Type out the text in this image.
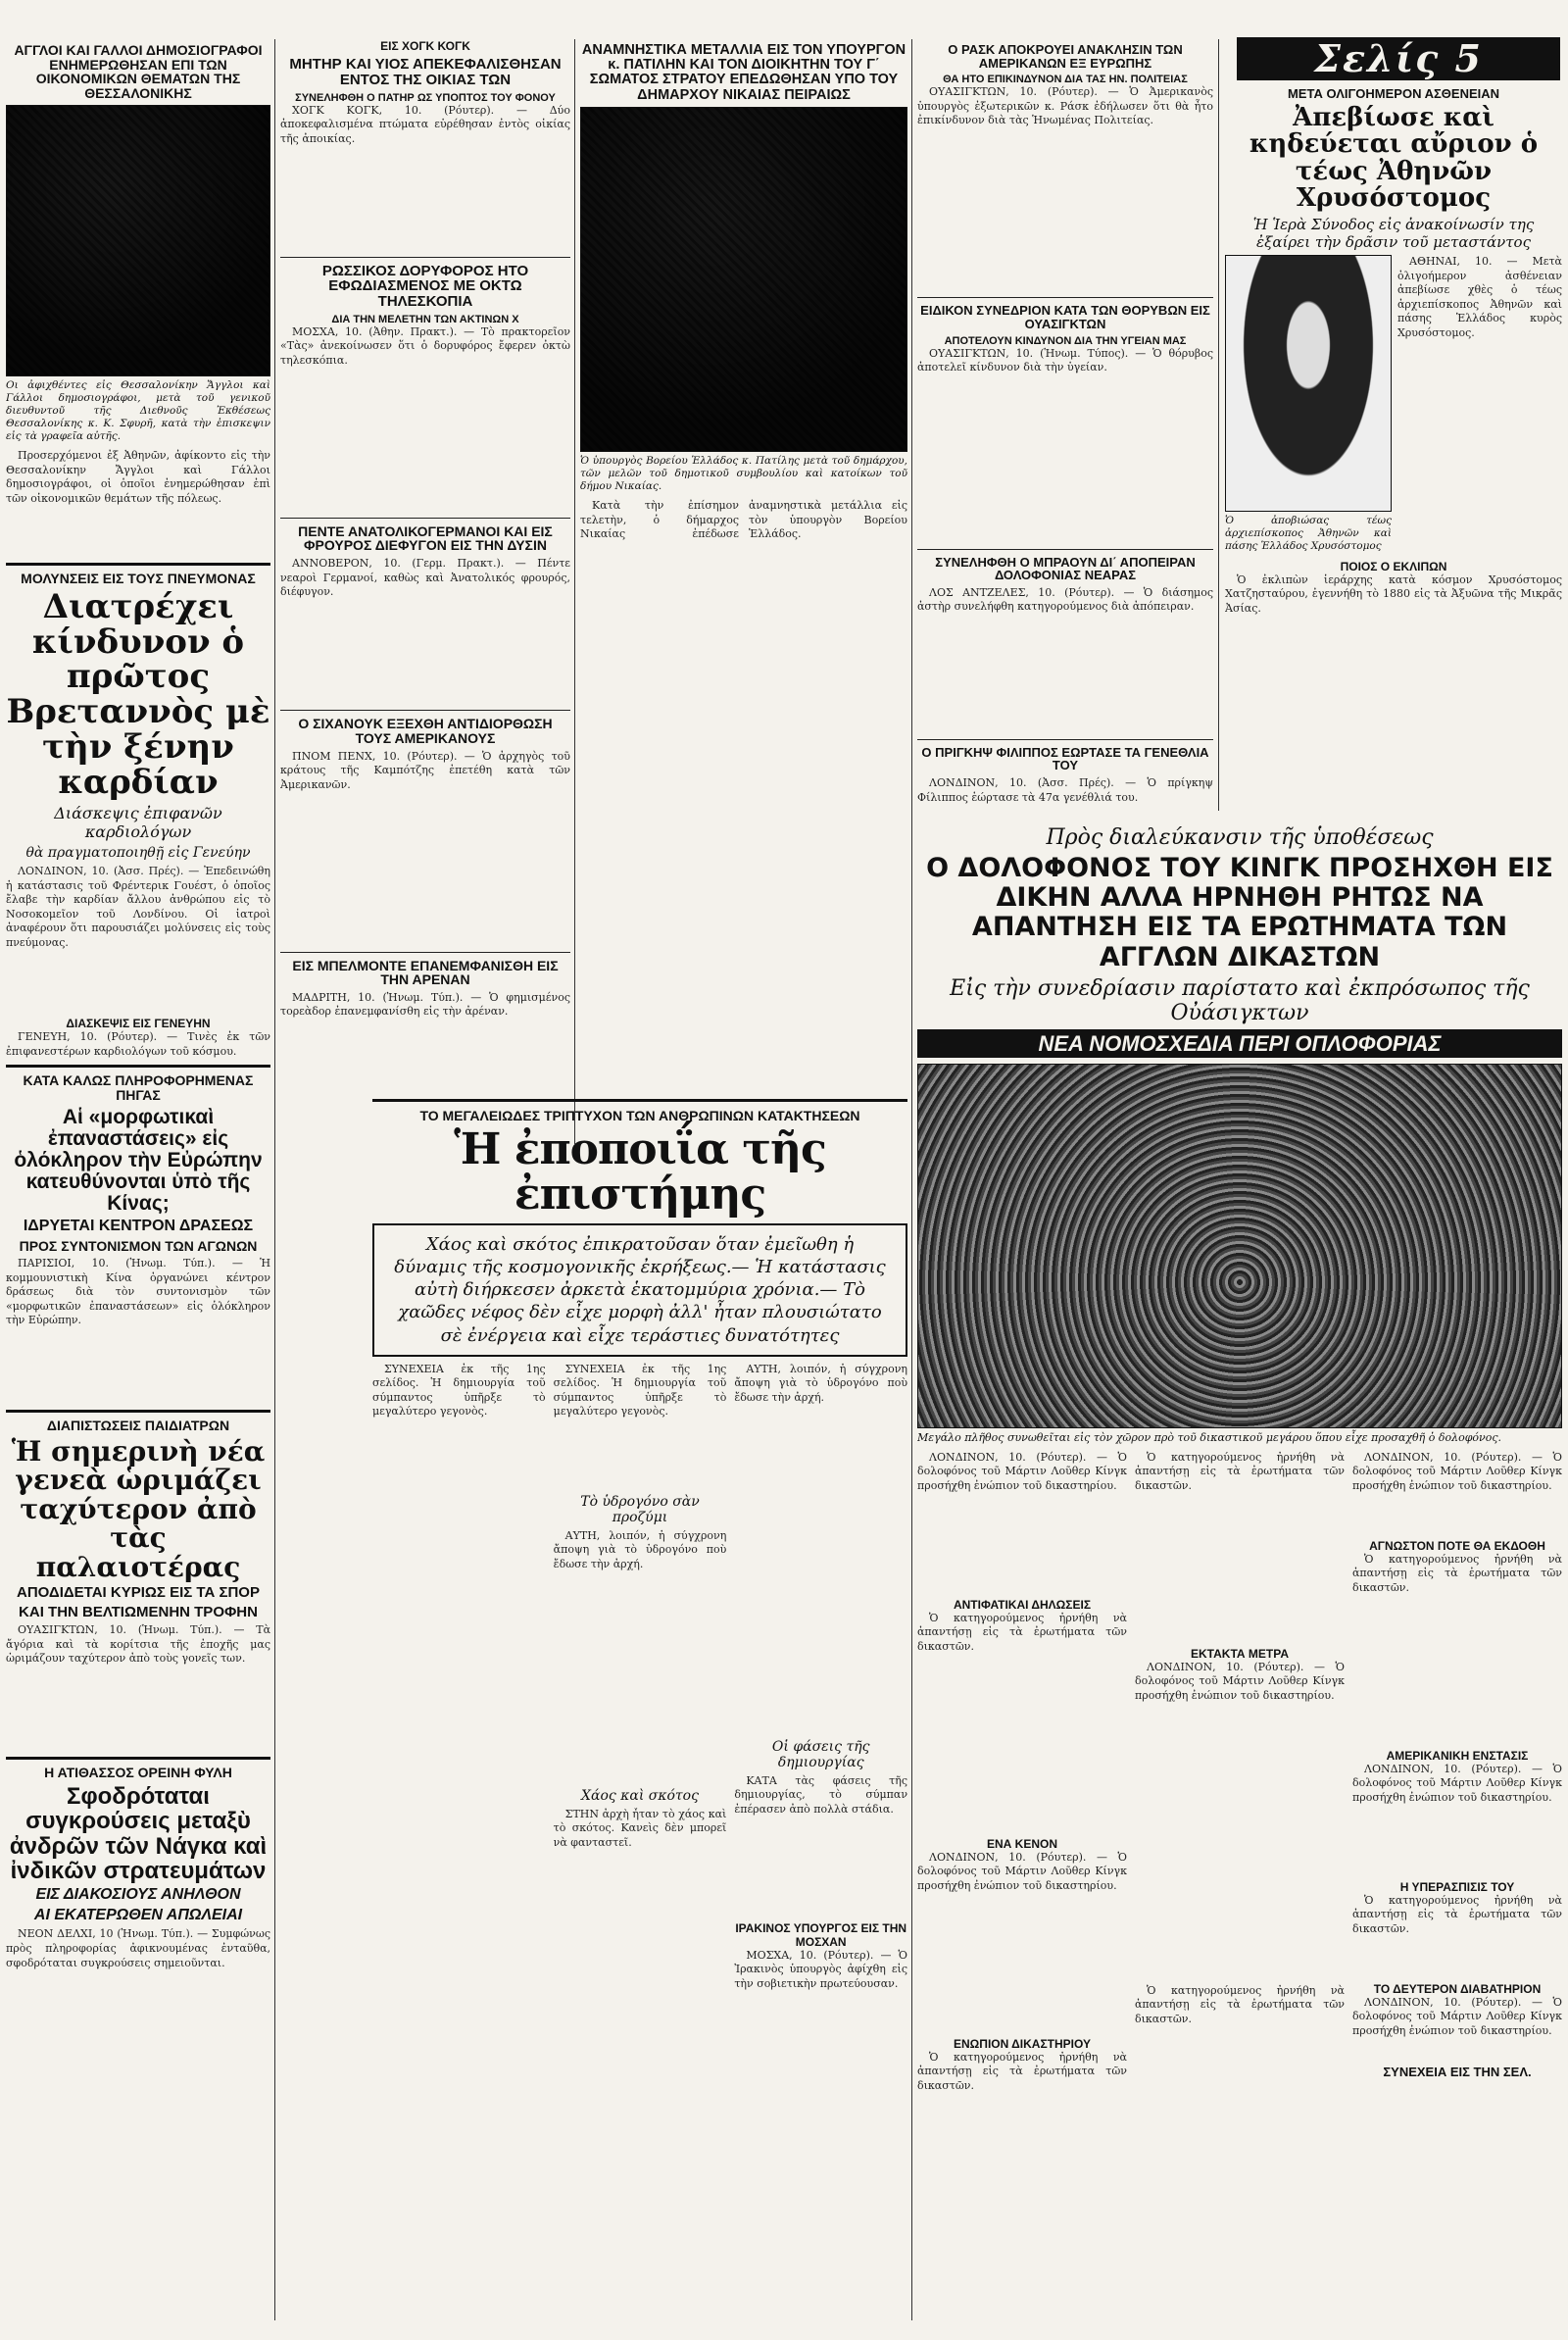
Σελίς 5
ΑΓΓΛΟΙ ΚΑΙ ΓΑΛΛΟΙ ΔΗΜΟΣΙΟΓΡΑΦΟΙ ΕΝΗΜΕΡΩΘΗΣΑΝ ΕΠΙ ΤΩΝ ΟΙΚΟΝΟΜΙΚΩΝ ΘΕΜΑΤΩΝ ΤΗΣ ΘΕΣΣΑΛΟΝΙΚΗΣ
Οι ἀφιχθέντες εἰς Θεσσαλονίκην Ἄγγλοι καὶ Γάλλοι δημοσιογράφοι, μετὰ τοῦ γενικοῦ διευθυντοῦ τῆς Διεθνοῦς Ἐκθέσεως Θεσσαλονίκης κ. Κ. Σφυρῆ, κατὰ τὴν ἐπισκεψιν εἰς τὰ γραφεῖα αὐτῆς.

Προσερχόμενοι ἐξ Ἀθηνῶν, ἀφίκοντο εἰς τὴν Θεσσαλονίκην Ἄγγλοι καὶ Γάλλοι δημοσιογράφοι, οἱ ὁποῖοι ἐνημερώθησαν ἐπὶ τῶν οἰκονομικῶν θεμάτων τῆς πόλεως.

ΜΟΛΥΝΣΕΙΣ ΕΙΣ ΤΟΥΣ ΠΝΕΥΜΟΝΑΣ
Διατρέχει κίνδυνον ὁ πρῶτος Βρεταννὸς μὲ τὴν ξένην καρδίαν
Διάσκεψις ἐπιφανῶν καρδιολόγων
θὰ πραγματοποιηθῇ εἰς Γενεύην

ΛΟΝΔΙΝΟΝ, 10. (Ἀσσ. Πρές). — Ἐπεδεινώθη ἡ κατάστασις τοῦ Φρέντερικ Γουέστ, ὁ ὁποῖος ἔλαβε τὴν καρδίαν ἄλλου ἀνθρώπου εἰς τὸ Νοσοκομεῖον τοῦ Λονδίνου. Οἱ ἰατροὶ ἀναφέρουν ὅτι παρουσιάζει μολύνσεις εἰς τοὺς πνεύμονας.

ΔΙΑΣΚΕΨΙΣ ΕΙΣ ΓΕΝΕΥΗΝ

ΓΕΝΕΥΗ, 10. (Ρόυτερ). — Τινὲς ἐκ τῶν ἐπιφανεστέρων καρδιολόγων τοῦ κόσμου.

ΚΑΤΑ ΚΑΛΩΣ ΠΛΗΡΟΦΟΡΗΜΕΝΑΣ ΠΗΓΑΣ
Αἱ «μορφωτικαὶ ἐπαναστάσεις» εἰς ὁλόκληρον τὴν Εὐρώπην κατευθύνονται ὑπὸ τῆς Κίνας;
ΙΔΡΥΕΤΑΙ ΚΕΝΤΡΟΝ ΔΡΑΣΕΩΣ
ΠΡΟΣ ΣΥΝΤΟΝΙΣΜΟΝ ΤΩΝ ΑΓΩΝΩΝ

ΠΑΡΙΣΙΟΙ, 10. (Ἡνωμ. Τύπ.). — Ἡ κομμουνιστικὴ Κίνα ὀργανώνει κέντρον δράσεως διὰ τὸν συντονισμὸν τῶν «μορφωτικῶν ἐπαναστάσεων» εἰς ὁλόκληρον τὴν Εὐρώπην.

ΔΙΑΠΙΣΤΩΣΕΙΣ ΠΑΙΔΙΑΤΡΩΝ
Ἡ σημερινὴ νέα γενεὰ ὡριμάζει ταχύτερον ἀπὸ τὰς παλαιοτέρας
ΑΠΟΔΙΔΕΤΑΙ ΚΥΡΙΩΣ ΕΙΣ ΤΑ ΣΠΟΡ
ΚΑΙ ΤΗΝ ΒΕΛΤΙΩΜΕΝΗΝ ΤΡΟΦΗΝ

ΟΥΑΣΙΓΚΤΩΝ, 10. (Ἡνωμ. Τύπ.). — Τὰ ἄγόρια καὶ τὰ κορίτσια τῆς ἐποχῆς μας ὡριμάζουν ταχύτερον ἀπὸ τοὺς γονεῖς των.

Η ΑΤΙΘΑΣΣΟΣ ΟΡΕΙΝΗ ΦΥΛΗ
Σφοδρόταται συγκρούσεις μεταξὺ ἀνδρῶν τῶν Νάγκα καὶ ἰνδικῶν στρατευμάτων
ΕΙΣ ΔΙΑΚΟΣΙΟΥΣ ΑΝΗΛΘΟΝ
ΑΙ ΕΚΑΤΕΡΩΘΕΝ ΑΠΩΛΕΙΑΙ

ΝΕΟΝ ΔΕΛΧΙ, 10 (Ἡνωμ. Τύπ.). — Συμφώνως πρὸς πληροφορίας ἀφικνουμένας ἐνταῦθα, σφοδρόταται συγκρούσεις σημειοῦνται.

ΕΙΣ ΧΟΓΚ ΚΟΓΚ
ΜΗΤΗΡ ΚΑΙ ΥΙΟΣ ΑΠΕΚΕΦΑΛΙΣΘΗΣΑΝ ΕΝΤΟΣ ΤΗΣ ΟΙΚΙΑΣ ΤΩΝ
ΣΥΝΕΛΗΦΘΗ Ο ΠΑΤΗΡ ΩΣ ΥΠΟΠΤΟΣ ΤΟΥ ΦΟΝΟΥ

ΧΟΓΚ ΚΟΓΚ, 10. (Ρόυτερ). — Δύο ἀποκεφαλισμένα πτώματα εὑρέθησαν ἐντὸς οἰκίας τῆς ἀποικίας.

ΡΩΣΣΙΚΟΣ ΔΟΡΥΦΟΡΟΣ ΗΤΟ ΕΦΩΔΙΑΣΜΕΝΟΣ ΜΕ ΟΚΤΩ ΤΗΛΕΣΚΟΠΙΑ
ΔΙΑ ΤΗΝ ΜΕΛΕΤΗΝ ΤΩΝ ΑΚΤΙΝΩΝ Χ

ΜΟΣΧΑ, 10. (Ἀθην. Πρακτ.). — Τὸ πρακτορεῖον «Τὰς» ἀνεκοίνωσεν ὅτι ὁ δορυφόρος ἔφερεν ὀκτὼ τηλεσκόπια.

ΠΕΝΤΕ ΑΝΑΤΟΛΙΚΟΓΕΡΜΑΝΟΙ ΚΑΙ ΕΙΣ ΦΡΟΥΡΟΣ ΔΙΕΦΥΓΟΝ ΕΙΣ ΤΗΝ ΔΥΣΙΝ

ΑΝΝΟΒΕΡΟΝ, 10. (Γερμ. Πρακτ.). — Πέντε νεαροὶ Γερμανοί, καθὼς καὶ Ἀνατολικός φρουρός, διέφυγον.

Ο ΣΙΧΑΝΟΥΚ ΕΞΕΧΘΗ ΑΝΤΙΔΙΟΡΘΩΣΗ ΤΟΥΣ ΑΜΕΡΙΚΑΝΟΥΣ

ΠΝΟΜ ΠΕΝΧ, 10. (Ρόυτερ). — Ὁ ἀρχηγὸς τοῦ κράτους τῆς Καμπότζης ἐπετέθη κατὰ τῶν Ἀμερικανῶν.

ΕΙΣ ΜΠΕΛΜΟΝΤΕ ΕΠΑΝΕΜΦΑΝΙΣΘΗ ΕΙΣ ΤΗΝ ΑΡΕΝΑΝ

ΜΑΔΡΙΤΗ, 10. (Ἡνωμ. Τύπ.). — Ὁ φημισμένος τορεὰδορ ἐπανεμφανίσθη εἰς τὴν ἀρέναν.

ΑΝΑΜΝΗΣΤΙΚΑ ΜΕΤΑΛΛΙΑ ΕΙΣ ΤΟΝ ΥΠΟΥΡΓΟΝ κ. ΠΑΤΙΛΗΝ ΚΑΙ ΤΟΝ ΔΙΟΙΚΗΤΗΝ ΤΟΥ Γ΄ ΣΩΜΑΤΟΣ ΣΤΡΑΤΟΥ ΕΠΕΔΩΘΗΣΑΝ ΥΠΟ ΤΟΥ ΔΗΜΑΡΧΟΥ ΝΙΚΑΙΑΣ ΠΕΙΡΑΙΩΣ
Ὁ ὑπουργὸς Βορείου Ἑλλάδος κ. Πατίλης μετὰ τοῦ δημάρχου, τῶν μελῶν τοῦ δημοτικοῦ συμβουλίου καὶ κατοίκων τοῦ δήμου Νικαίας.

Κατὰ τὴν ἐπίσημον τελετὴν, ὁ δήμαρχος Νικαίας ἐπέδωσε ἀναμνηστικὰ μετάλλια εἰς τὸν ὑπουργὸν Βορείου Ἑλλάδος.

Ο ΡΑΣΚ ΑΠΟΚΡΟΥΕΙ ΑΝΑΚΛΗΣΙΝ ΤΩΝ ΑΜΕΡΙΚΑΝΩΝ ΕΞ ΕΥΡΩΠΗΣ
ΘΑ ΗΤΟ ΕΠΙΚΙΝΔΥΝΟΝ ΔΙΑ ΤΑΣ ΗΝ. ΠΟΛΙΤΕΙΑΣ

ΟΥΑΣΙΓΚΤΩΝ, 10. (Ρόυτερ). — Ὁ Ἀμερικανὸς ὑπουργὸς ἐξωτερικῶν κ. Ράσκ ἐδήλωσεν ὅτι θὰ ἦτο ἐπικίνδυνον διὰ τὰς Ἡνωμένας Πολιτείας.

ΕΙΔΙΚΟΝ ΣΥΝΕΔΡΙΟΝ ΚΑΤΑ ΤΩΝ ΘΟΡΥΒΩΝ ΕΙΣ ΟΥΑΣΙΓΚΤΩΝ
ΑΠΟΤΕΛΟΥΝ ΚΙΝΔΥΝΟΝ ΔΙΑ ΤΗΝ ΥΓΕΙΑΝ ΜΑΣ

ΟΥΑΣΙΓΚΤΩΝ, 10. (Ἡνωμ. Τύπος). — Ὁ θόρυβος ἀποτελεῖ κίνδυνον διὰ τὴν ὑγείαν.

ΣΥΝΕΛΗΦΘΗ Ο ΜΠΡΑΟΥΝ ΔΙ΄ ΑΠΟΠΕΙΡΑΝ ΔΟΛΟΦΟΝΙΑΣ ΝΕΑΡΑΣ

ΛΟΣ ΑΝΤΖΕΛΕΣ, 10. (Ρόυτερ). — Ὁ διάσημος ἀστὴρ συνελήφθη κατηγορούμενος διὰ ἀπόπειραν.

Ο ΠΡΙΓΚΗΨ ΦΙΛΙΠΠΟΣ ΕΩΡΤΑΣΕ ΤΑ ΓΕΝΕΘΛΙΑ ΤΟΥ

ΛΟΝΔΙΝΟΝ, 10. (Ἀσσ. Πρές). — Ὁ πρίγκηψ Φίλιππος ἑώρτασε τὰ 47α γενέθλιά του.

ΜΕΤΑ ΟΛΙΓΟΗΜΕΡΟΝ ΑΣΘΕΝΕΙΑΝ
Ἀπεβίωσε καὶ κηδεύεται αὔριον ὁ τέως Ἀθηνῶν Χρυσόστομος
Ἡ Ἱερὰ Σύνοδος εἰς ἀνακοίνωσίν της ἐξαίρει τὴν δρᾶσιν τοῦ μεταστάντος
Ὁ ἀποβιώσας τέως ἀρχιεπίσκοπος Ἀθηνῶν καὶ πάσης Ἑλλάδος Χρυσόστομος

ΑΘΗΝΑΙ, 10. — Μετὰ ὀλιγοήμερον ἀσθένειαν ἀπεβίωσε χθὲς ὁ τέως ἀρχιεπίσκοπος Ἀθηνῶν καὶ πάσης Ἑλλάδος κυρὸς Χρυσόστομος.

ΠΟΙΟΣ Ο ΕΚΛΙΠΩΝ

Ὁ ἐκλιπὼν ἱεράρχης κατὰ κόσμον Χρυσόστομος Χατζησταύρου, ἐγεννήθη τὸ 1880 εἰς τὰ Ἀξυῶνα τῆς Μικρᾶς Ἀσίας.

ΤΟ ΜΕΓΑΛΕΙΩΔΕΣ ΤΡΙΠΤΥΧΟΝ ΤΩΝ ΑΝΘΡΩΠΙΝΩΝ ΚΑΤΑΚΤΗΣΕΩΝ
Ἡ ἐποποιΐα τῆς ἐπιστήμης
Χάος καὶ σκότος ἐπικρατοῦσαν ὅταν ἐμεῖωθη ἡ δύναμις τῆς κοσμογονικῆς ἐκρήξεως.— Ἡ κατάστασις αὐτὴ διήρκεσεν ἀρκετὰ ἑκατομμύρια χρόνια.— Τὸ χαῶδες νέφος δὲν εἶχε μορφὴ ἀλλ' ἦταν πλουσιώτατο σὲ ἐνέργεια καὶ εἶχε τεράστιες δυνατότητες

ΣΥΝΕΧΕΙΑ ἐκ τῆς 1ης σελίδος. Ἡ δημιουργία τοῦ σύμπαντος ὑπῆρξε τὸ μεγαλύτερο γεγονὸς.

ΣΥΝΕΧΕΙΑ ἐκ τῆς 1ης σελίδος. Ἡ δημιουργία τοῦ σύμπαντος ὑπῆρξε τὸ μεγαλύτερο γεγονὸς.

Τὸ ὑδρογόνο σὰν προζύμι

ΑΥΤΗ, λοιπόν, ἡ σύγχρονη ἄποψη γιὰ τὸ ὑδρογόνο ποὺ ἔδωσε τὴν ἀρχή.

Χάος καὶ σκότος

ΣΤΗΝ ἀρχὴ ἦταν τὸ χάος καὶ τὸ σκότος. Κανεὶς δὲν μπορεῖ νὰ φανταστεῖ.

ΑΥΤΗ, λοιπόν, ἡ σύγχρονη ἄποψη γιὰ τὸ ὑδρογόνο ποὺ ἔδωσε τὴν ἀρχή.

Οἱ φάσεις τῆς δημιουργίας

ΚΑΤΑ τὰς φάσεις τῆς δημιουργίας, τὸ σύμπαν ἐπέρασεν ἀπὸ πολλὰ στάδια.

ΙΡΑΚΙΝΟΣ ΥΠΟΥΡΓΟΣ ΕΙΣ ΤΗΝ ΜΟΣΧΑΝ

ΜΟΣΧΑ, 10. (Ρόυτερ). — Ὁ Ἰρακινὸς ὑπουργὸς ἀφίχθη εἰς τὴν σοβιετικὴν πρωτεύουσαν.

Πρὸς διαλεύκανσιν τῆς ὑποθέσεως
Ο ΔΟΛΟΦΟΝΟΣ ΤΟΥ ΚΙΝΓΚ ΠΡΟΣΗΧΘΗ ΕΙΣ ΔΙΚΗΝ ΑΛΛΑ ΗΡΝΗΘΗ ΡΗΤΩΣ ΝΑ ΑΠΑΝΤΗΣΗ ΕΙΣ ΤΑ ΕΡΩΤΗΜΑΤΑ ΤΩΝ ΑΓΓΛΩΝ ΔΙΚΑΣΤΩΝ
Εἰς τὴν συνεδρίασιν παρίστατο καὶ ἐκπρόσωπος τῆς Οὐάσιγκτων
ΝΕΑ ΝΟΜΟΣΧΕΔΙΑ ΠΕΡΙ ΟΠΛΟΦΟΡΙΑΣ
Μεγάλο πλῆθος συνωθεῖται εἰς τὸν χῶρον πρὸ τοῦ δικαστικοῦ μεγάρου ὅπου εἶχε προσαχθῆ ὁ δολοφόνος.

ΛΟΝΔΙΝΟΝ, 10. (Ρόυτερ). — Ὁ δολοφόνος τοῦ Μάρτιν Λοῦθερ Κίνγκ προσήχθη ἐνώπιον τοῦ δικαστηρίου.

ΑΝΤΙΦΑΤΙΚΑΙ ΔΗΛΩΣΕΙΣ

Ὁ κατηγορούμενος ἠρνήθη νὰ ἀπαντήσῃ εἰς τὰ ἐρωτήματα τῶν δικαστῶν.

ΕΝΑ ΚΕΝΟΝ

ΛΟΝΔΙΝΟΝ, 10. (Ρόυτερ). — Ὁ δολοφόνος τοῦ Μάρτιν Λοῦθερ Κίνγκ προσήχθη ἐνώπιον τοῦ δικαστηρίου.

ΕΝΩΠΙΟΝ ΔΙΚΑΣΤΗΡΙΟΥ

Ὁ κατηγορούμενος ἠρνήθη νὰ ἀπαντήσῃ εἰς τὰ ἐρωτήματα τῶν δικαστῶν.

Ὁ κατηγορούμενος ἠρνήθη νὰ ἀπαντήσῃ εἰς τὰ ἐρωτήματα τῶν δικαστῶν.

ΕΚΤΑΚΤΑ ΜΕΤΡΑ

ΛΟΝΔΙΝΟΝ, 10. (Ρόυτερ). — Ὁ δολοφόνος τοῦ Μάρτιν Λοῦθερ Κίνγκ προσήχθη ἐνώπιον τοῦ δικαστηρίου.

Ὁ κατηγορούμενος ἠρνήθη νὰ ἀπαντήσῃ εἰς τὰ ἐρωτήματα τῶν δικαστῶν.

ΛΟΝΔΙΝΟΝ, 10. (Ρόυτερ). — Ὁ δολοφόνος τοῦ Μάρτιν Λοῦθερ Κίνγκ προσήχθη ἐνώπιον τοῦ δικαστηρίου.

ΑΓΝΩΣΤΟΝ ΠΟΤΕ ΘΑ ΕΚΔΟΘΗ

Ὁ κατηγορούμενος ἠρνήθη νὰ ἀπαντήσῃ εἰς τὰ ἐρωτήματα τῶν δικαστῶν.

ΑΜΕΡΙΚΑΝΙΚΗ ΕΝΣΤΑΣΙΣ

ΛΟΝΔΙΝΟΝ, 10. (Ρόυτερ). — Ὁ δολοφόνος τοῦ Μάρτιν Λοῦθερ Κίνγκ προσήχθη ἐνώπιον τοῦ δικαστηρίου.

Η ΥΠΕΡΑΣΠΙΣΙΣ ΤΟΥ

Ὁ κατηγορούμενος ἠρνήθη νὰ ἀπαντήσῃ εἰς τὰ ἐρωτήματα τῶν δικαστῶν.

ΤΟ ΔΕΥΤΕΡΟΝ ΔΙΑΒΑΤΗΡΙΟΝ

ΛΟΝΔΙΝΟΝ, 10. (Ρόυτερ). — Ὁ δολοφόνος τοῦ Μάρτιν Λοῦθερ Κίνγκ προσήχθη ἐνώπιον τοῦ δικαστηρίου.

ΣΥΝΕΧΕΙΑ ΕΙΣ ΤΗΝ ΣΕΛ.
